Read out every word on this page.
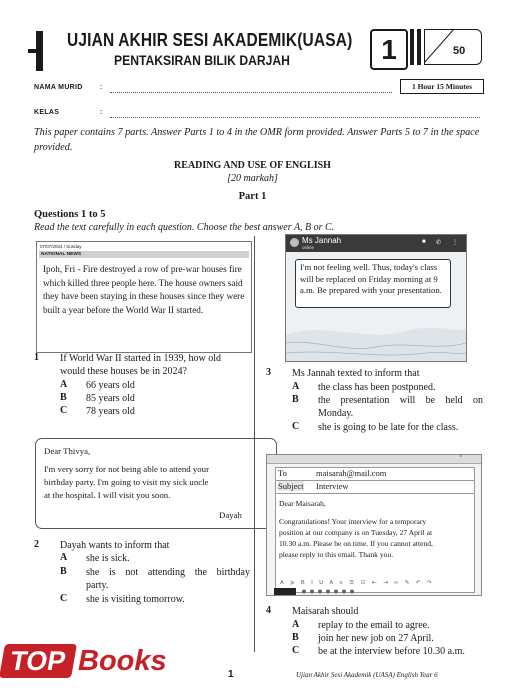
UJIAN AKHIR SESI AKADEMIK(UASA)
PENTAKSIRAN BILIK DARJAH	1	50
NAMA MURID :	1 Hour 15 Minutes
KELAS	:
This paper contains 7 parts. Answer Parts 1 to 4 in the OMR form provided. Answer Parts 5 to 7 in the space provided.
READING AND USE OF ENGLISH
[20 markah]
Part 1
Questions 1 to 5
Read the text carefully in each question. Choose the best answer A, B or C.
07/07/2024 / Sunday
NATIONAL NEWS
Ipoh, Fri - Fire destroyed a row of pre-war houses fire which killed three people here. The house owners said they have been staying in these houses since they were built a year before the World War II started.
1 If World War II started in 1939, how old
would these houses be in 2024?
A 66 years old
B 85 years old
C 78 years old
Ms Jannah
online
■ ✆ ⋮
I'm not feeling well. Thus, today's class will be replaced on Friday morning at 9 a.m. Be prepared with your presentation.
3 Ms Jannah texted to inform that
A the class has been postponed.
B the presentation will be held on
Monday.
C she is going to be late for the class.
Dear Thivya,
I'm very sorry for not being able to attend your
birthday party. I'm going to visit my sick uncle
at the hospital. I will visit you soon.
Dayah
2 Dayah wants to inform that
A she is sick.
B she is not attending the birthday
party.
C she is visiting tomorrow.
×
To	maisarah@mail.com
Subject Interview
Dear Maisarah,
Congratulations! Your interview for a temporary
position at our company is on Tuesday, 27 April at
10.30 a.m. Please be on time. If you cannot attend,
please reply to this email. Thank you.
A ⩾ B I U A ≡ ☰ ☷ ⇤ ⇥ ∞ ✎ ↶ ↷
4 Maisarah should
A replay to the email to agree.
B join her new job on 27 April.
C be at the interview before 10.30 a.m.
TOP Books	1	Ujian Akhir Sesi Akademik (UASA) English Year 6
